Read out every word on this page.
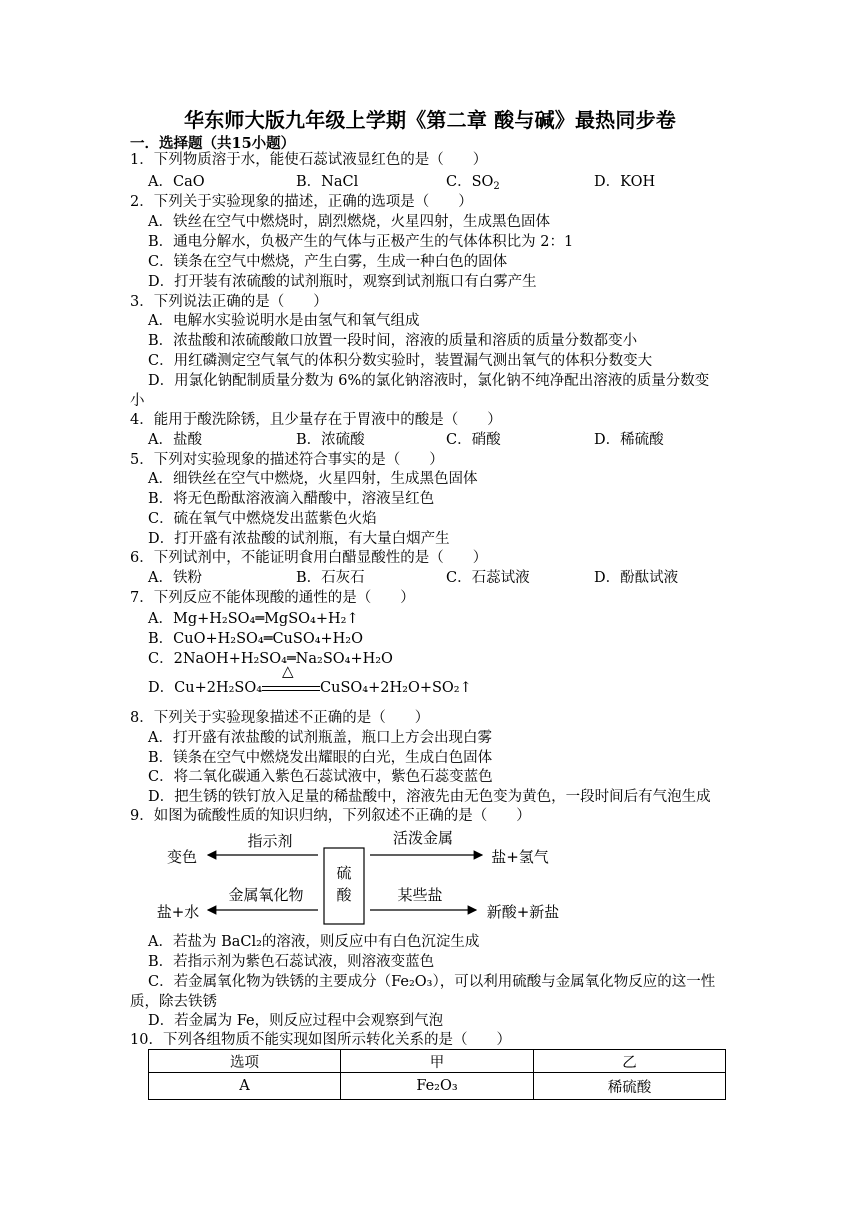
华东师大版九年级上学期《第二章 酸与碱》最热同步卷
一．选择题（共15小题）
1．下列物质溶于水，能使石蕊试液显红色的是（　　）
A．CaO	B．NaCl	C．$SO_2$	D．KOH
2．下列关于实验现象的描述，正确的选项是（　　）
A．铁丝在空气中燃烧时，剧烈燃烧，火星四射，生成黑色固体
B．通电分解水，负极产生的气体与正极产生的气体体积比为 2：1
C．镁条在空气中燃烧，产生白雾，生成一种白色的固体
D．打开装有浓硫酸的试剂瓶时，观察到试剂瓶口有白雾产生
3．下列说法正确的是（　　）
A．电解水实验说明水是由氢气和氧气组成
B．浓盐酸和浓硫酸敞口放置一段时间，溶液的质量和溶质的质量分数都变小
C．用红磷测定空气氧气的体积分数实验时，装置漏气测出氧气的体积分数变大
D．用氯化钠配制质量分数为 6%的氯化钠溶液时，氯化钠不纯净配出溶液的质量分数变
小
4．能用于酸洗除锈，且少量存在于胃液中的酸是（　　）
A．盐酸	B．浓硫酸	C．硝酸	D．稀硫酸
5．下列对实验现象的描述符合事实的是（　　）
A．细铁丝在空气中燃烧，火星四射，生成黑色固体
B．将无色酚酞溶液滴入醋酸中，溶液呈红色
C．硫在氧气中燃烧发出蓝紫色火焰
D．打开盛有浓盐酸的试剂瓶，有大量白烟产生
6．下列试剂中，不能证明食用白醋显酸性的是（　　）
A．铁粉	B．石灰石	C．石蕊试液	D．酚酞试液
7．下列反应不能体现酸的通性的是（　　）
A．Mg+H₂SO₄═MgSO₄+H₂↑
B．CuO+H₂SO₄═CuSO₄+H₂O
C．2NaOH+H₂SO₄═Na₂SO₄+H₂O
D．Cu+2H₂SO₄
△
CuSO₄+2H₂O+SO₂↑
8．下列关于实验现象描述不正确的是（　　）
A．打开盛有浓盐酸的试剂瓶盖，瓶口上方会出现白雾
B．镁条在空气中燃烧发出耀眼的白光，生成白色固体
C．将二氧化碳通入紫色石蕊试液中，紫色石蕊变蓝色
D．把生锈的铁钉放入足量的稀盐酸中，溶液先由无色变为黄色，一段时间后有气泡生成
9．如图为硫酸性质的知识归纳，下列叙述不正确的是（　　）
硫
酸
指示剂
变色
活泼金属
盐+氢气
金属氧化物
盐+水
某些盐
新酸+新盐
A．若盐为 BaCl₂的溶液，则反应中有白色沉淀生成
B．若指示剂为紫色石蕊试液，则溶液变蓝色
C．若金属氧化物为铁锈的主要成分（Fe₂O₃），可以利用硫酸与金属氧化物反应的这一性
质，除去铁锈
D．若金属为 Fe，则反应过程中会观察到气泡
10．下列各组物质不能实现如图所示转化关系的是（　　）
选项	甲	乙
A	Fe₂O₃	稀硫酸
